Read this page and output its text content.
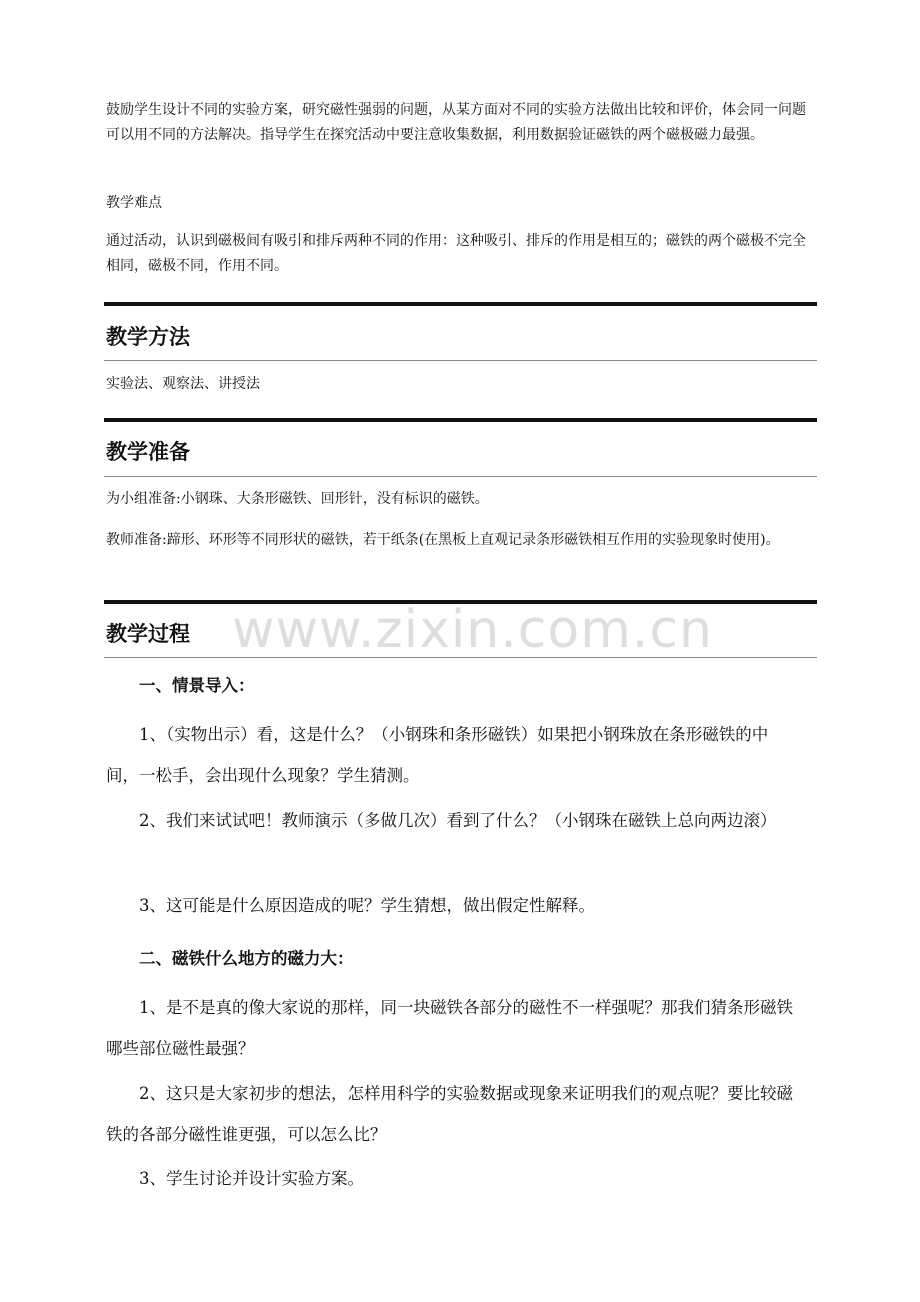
鼓励学生设计不同的实验方案，研究磁性强弱的问题，从某方面对不同的实验方法做出比较和评价，体会同一问题可以用不同的方法解决。指导学生在探究活动中要注意收集数据，利用数据验证磁铁的两个磁极磁力最强。

教学难点

通过活动，认识到磁极间有吸引和排斥两种不同的作用：这种吸引、排斥的作用是相互的；磁铁的两个磁极不完全相同，磁极不同，作用不同。

教学方法

实验法、观察法、讲授法

教学准备

为小组准备:小钢珠、大条形磁铁、回形针，没有标识的磁铁。

教师准备:蹄形、环形等不同形状的磁铁，若干纸条(在黑板上直观记录条形磁铁相互作用的实验现象时使用)。

教学过程

一、情景导入：

1、（实物出示）看，这是什么？（小钢珠和条形磁铁）如果把小钢珠放在条形磁铁的中间，一松手，会出现什么现象？学生猜测。

2、我们来试试吧！教师演示（多做几次）看到了什么？（小钢珠在磁铁上总向两边滚）

3、这可能是什么原因造成的呢？学生猜想，做出假定性解释。

二、磁铁什么地方的磁力大：

1、是不是真的像大家说的那样，同一块磁铁各部分的磁性不一样强呢？那我们猜条形磁铁哪些部位磁性最强？

2、这只是大家初步的想法，怎样用科学的实验数据或现象来证明我们的观点呢？要比较磁铁的各部分磁性谁更强，可以怎么比？

3、学生讨论并设计实验方案。

www.zixin.com.cn
